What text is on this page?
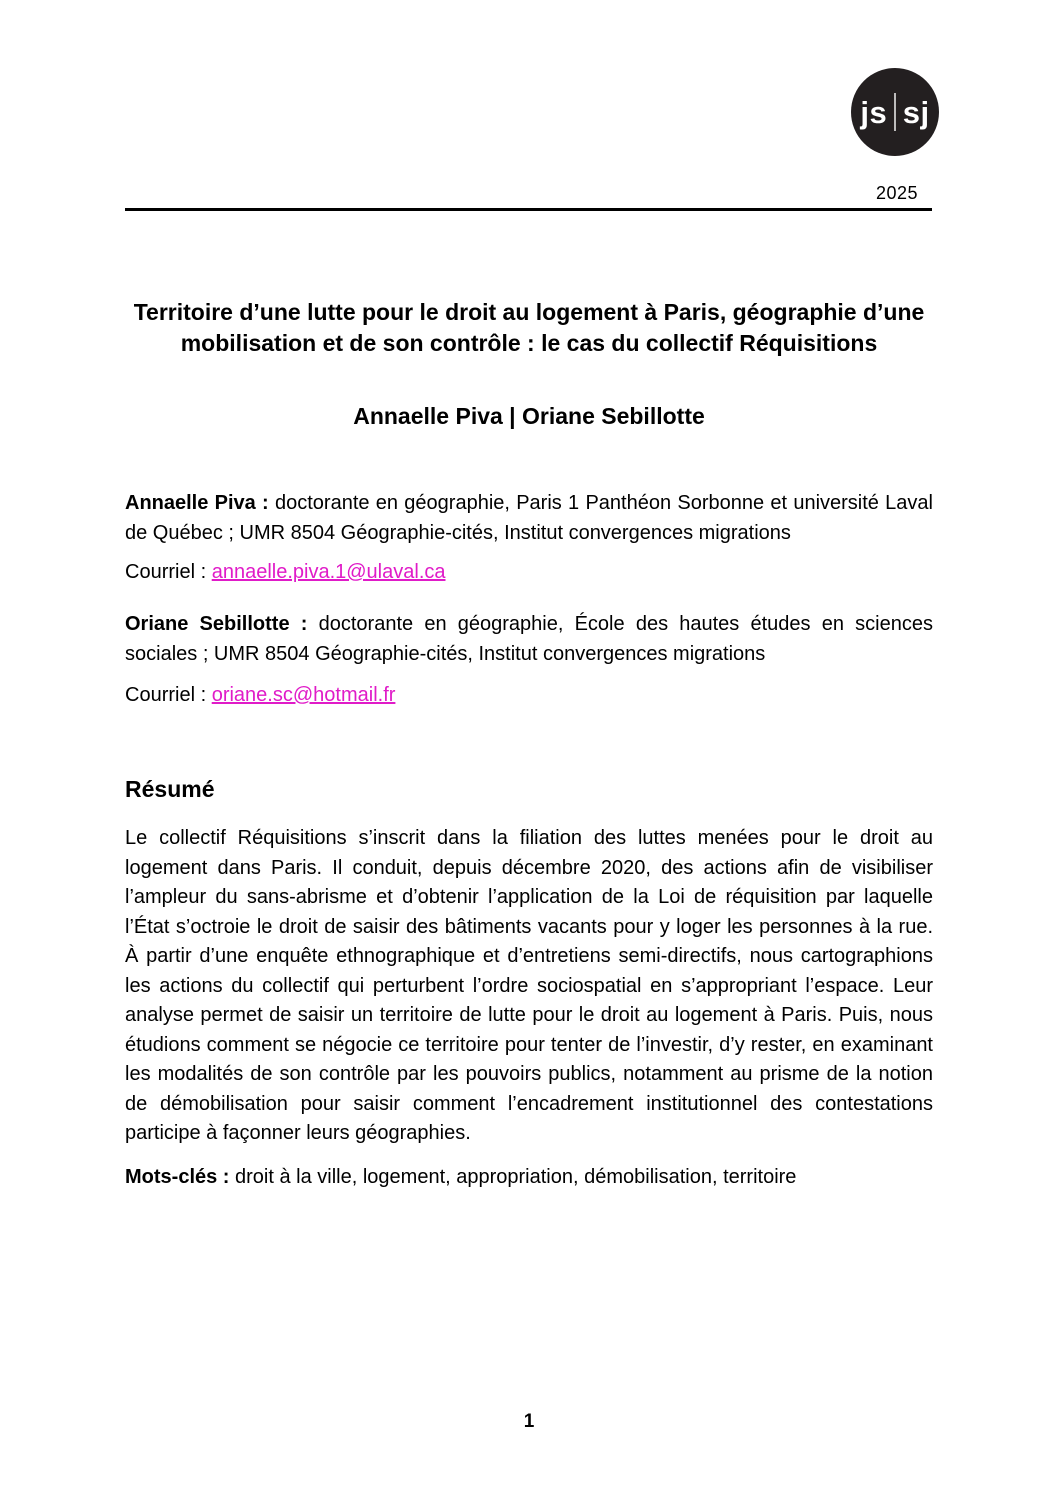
js sj
2025
Territoire d’une lutte pour le droit au logement à Paris, géographie d’une mobilisation et de son contrôle : le cas du collectif Réquisitions
Annaelle Piva | Oriane Sebillotte

Annaelle Piva : doctorante en géographie, Paris 1 Panthéon Sorbonne et université Laval de Québec ; UMR 8504 Géographie-cités, Institut convergences migrations

Courriel : annaelle.piva.1@ulaval.ca

Oriane Sebillotte : doctorante en géographie, École des hautes études en sciences sociales ; UMR 8504 Géographie-cités, Institut convergences migrations

Courriel : oriane.sc@hotmail.fr

Résumé

Le collectif Réquisitions s’inscrit dans la filiation des luttes menées pour le droit au logement dans Paris. Il conduit, depuis décembre 2020, des actions afin de visibiliser l’ampleur du sans-abrisme et d’obtenir l’application de la Loi de réquisition par laquelle l’État s’octroie le droit de saisir des bâtiments vacants pour y loger les personnes à la rue. À partir d’une enquête ethnographique et d’entretiens semi-directifs, nous cartographions les actions du collectif qui perturbent l’ordre sociospatial en s’appropriant l’espace. Leur analyse permet de saisir un territoire de lutte pour le droit au logement à Paris. Puis, nous étudions comment se négocie ce territoire pour tenter de l’investir, d’y rester, en examinant les modalités de son contrôle par les pouvoirs publics, notamment au prisme de la notion de démobilisation pour saisir comment l’encadrement institutionnel des contestations participe à façonner leurs géographies.

Mots-clés : droit à la ville, logement, appropriation, démobilisation, territoire

1
